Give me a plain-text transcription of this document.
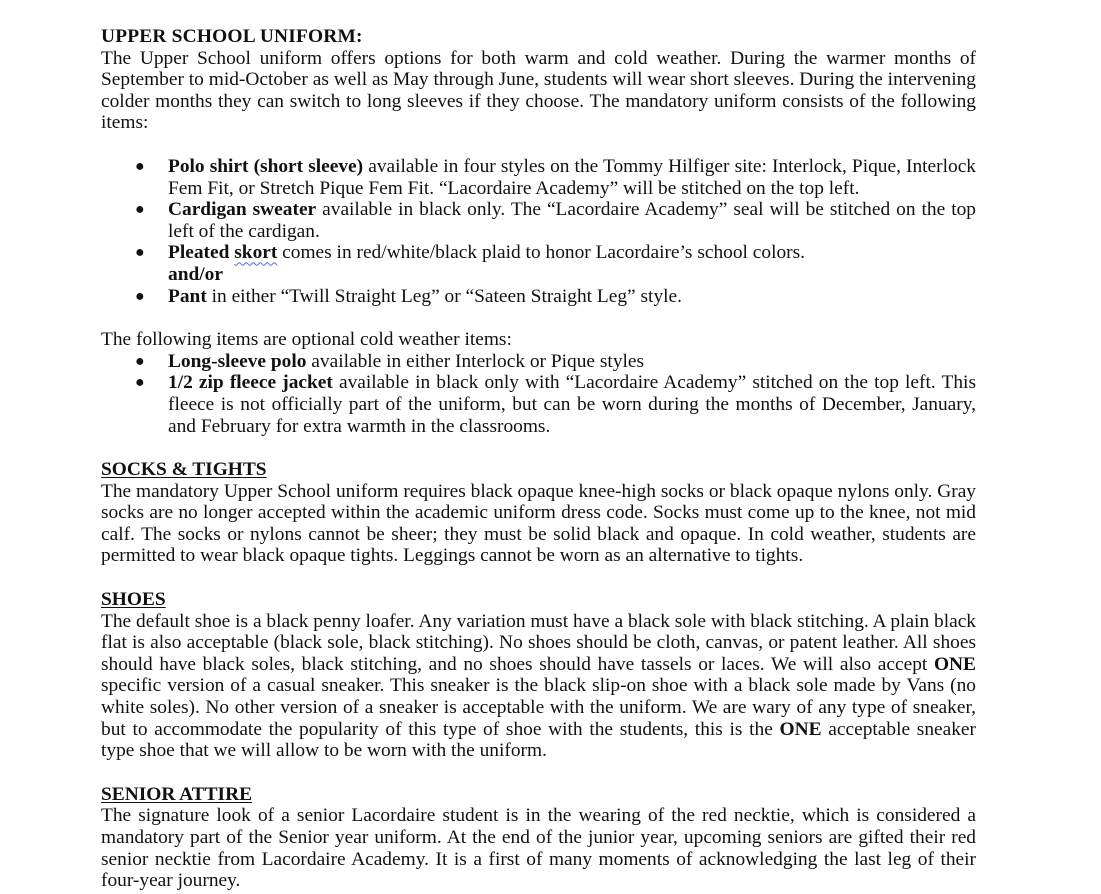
UPPER SCHOOL UNIFORM:

The Upper School uniform offers options for both warm and cold weather. During the warmer months of September to mid-October as well as May through June, students will wear short sleeves. During the intervening colder months they can switch to long sleeves if they choose. The mandatory uniform consists of the following items:

● Polo shirt (short sleeve) available in four styles on the Tommy Hilfiger site: Interlock, Pique, Interlock Fem Fit, or Stretch Pique Fem Fit. “Lacordaire Academy” will be stitched on the top left.
● Cardigan sweater available in black only. The “Lacordaire Academy” seal will be stitched on the top left of the cardigan.
● Pleated skort comes in red/white/black plaid to honor Lacordaire’s school colors.
and/or
● Pant in either “Twill Straight Leg” or “Sateen Straight Leg” style.

The following items are optional cold weather items:

● Long-sleeve polo available in either Interlock or Pique styles
● 1/2 zip fleece jacket available in black only with “Lacordaire Academy” stitched on the top left. This fleece is not officially part of the uniform, but can be worn during the months of December, January, and February for extra warmth in the classrooms.
SOCKS & TIGHTS

The mandatory Upper School uniform requires black opaque knee-high socks or black opaque nylons only. Gray socks are no longer accepted within the academic uniform dress code. Socks must come up to the knee, not mid calf. The socks or nylons cannot be sheer; they must be solid black and opaque. In cold weather, students are permitted to wear black opaque tights. Leggings cannot be worn as an alternative to tights.

SHOES

The default shoe is a black penny loafer. Any variation must have a black sole with black stitching. A plain black flat is also acceptable (black sole, black stitching). No shoes should be cloth, canvas, or patent leather. All shoes should have black soles, black stitching, and no shoes should have tassels or laces. We will also accept ONE specific version of a casual sneaker. This sneaker is the black slip-on shoe with a black sole made by Vans (no white soles). No other version of a sneaker is acceptable with the uniform. We are wary of any type of sneaker, but to accommodate the popularity of this type of shoe with the students, this is the ONE acceptable sneaker type shoe that we will allow to be worn with the uniform.

SENIOR ATTIRE

The signature look of a senior Lacordaire student is in the wearing of the red necktie, which is considered a mandatory part of the Senior year uniform. At the end of the junior year, upcoming seniors are gifted their red senior necktie from Lacordaire Academy. It is a first of many moments of acknowledging the last leg of their four-year journey.
